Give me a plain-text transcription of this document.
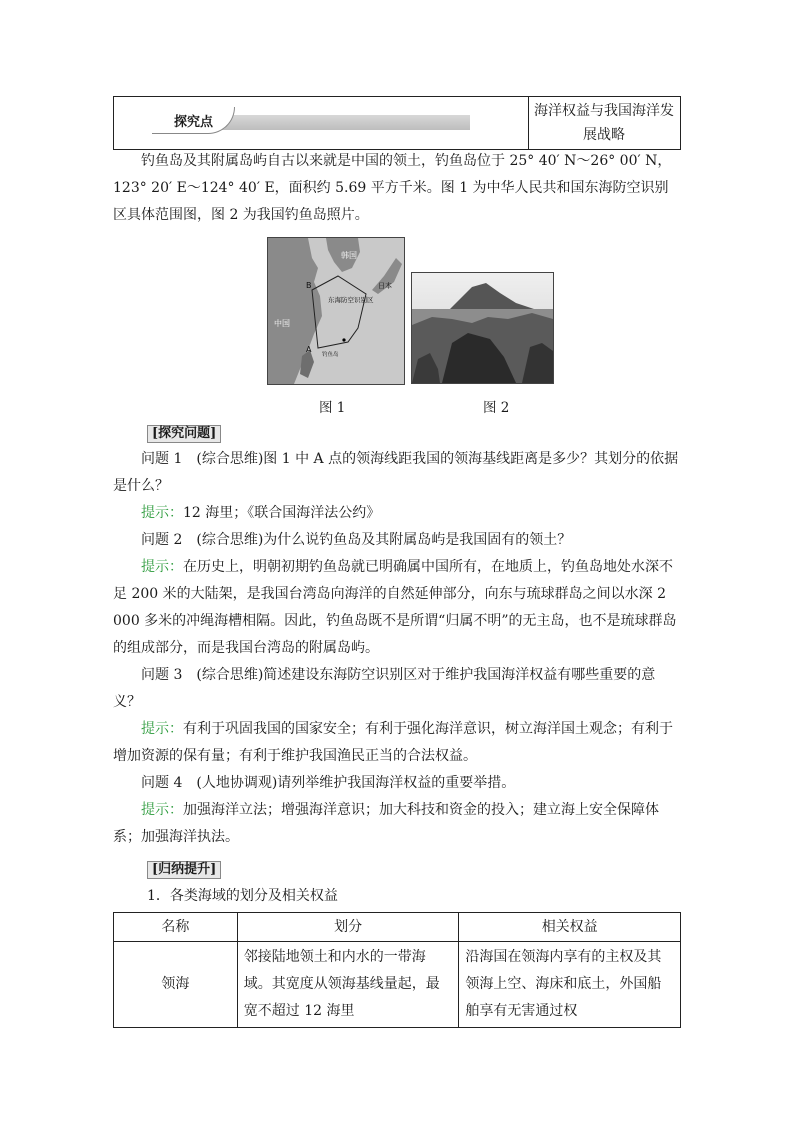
探究点
海洋权益与我国海洋发
展战略
钓鱼岛及其附属岛屿自古以来就是中国的领土，钓鱼岛位于 25° 40′ N～26° 00′ N，123° 20′ E～124° 40′ E，面积约 5.69 平方千米。图 1 为中华人民共和国东海防空识别区具体范围图，图 2 为我国钓鱼岛照片。
韩国
日本
中国
东海防空识别区
A
B
钓鱼岛
图 1	图 2
[探究问题]
问题 1　(综合思维)图 1 中 A 点的领海线距我国的领海基线距离是多少？其划分的依据是什么？
提示：12 海里；《联合国海洋法公约》
问题 2　(综合思维)为什么说钓鱼岛及其附属岛屿是我国固有的领土？
提示：在历史上，明朝初期钓鱼岛就已明确属中国所有，在地质上，钓鱼岛地处水深不足 200 米的大陆架，是我国台湾岛向海洋的自然延伸部分，向东与琉球群岛之间以水深 2 000 多米的冲绳海槽相隔。因此，钓鱼岛既不是所谓“归属不明”的无主岛，也不是琉球群岛的组成部分，而是我国台湾岛的附属岛屿。
问题 3　(综合思维)简述建设东海防空识别区对于维护我国海洋权益有哪些重要的意义？
提示：有利于巩固我国的国家安全；有利于强化海洋意识，树立海洋国土观念；有利于增加资源的保有量；有利于维护我国渔民正当的合法权益。
问题 4　(人地协调观)请列举维护我国海洋权益的重要举措。
提示：加强海洋立法；增强海洋意识；加大科技和资金的投入；建立海上安全保障体系；加强海洋执法。
[归纳提升]
1．各类海域的划分及相关权益
名称	划分	相关权益
领海	邻接陆地领土和内水的一带海域。其宽度从领海基线量起，最宽不超过 12 海里	沿海国在领海内享有的主权及其领海上空、海床和底土，外国船舶享有无害通过权
